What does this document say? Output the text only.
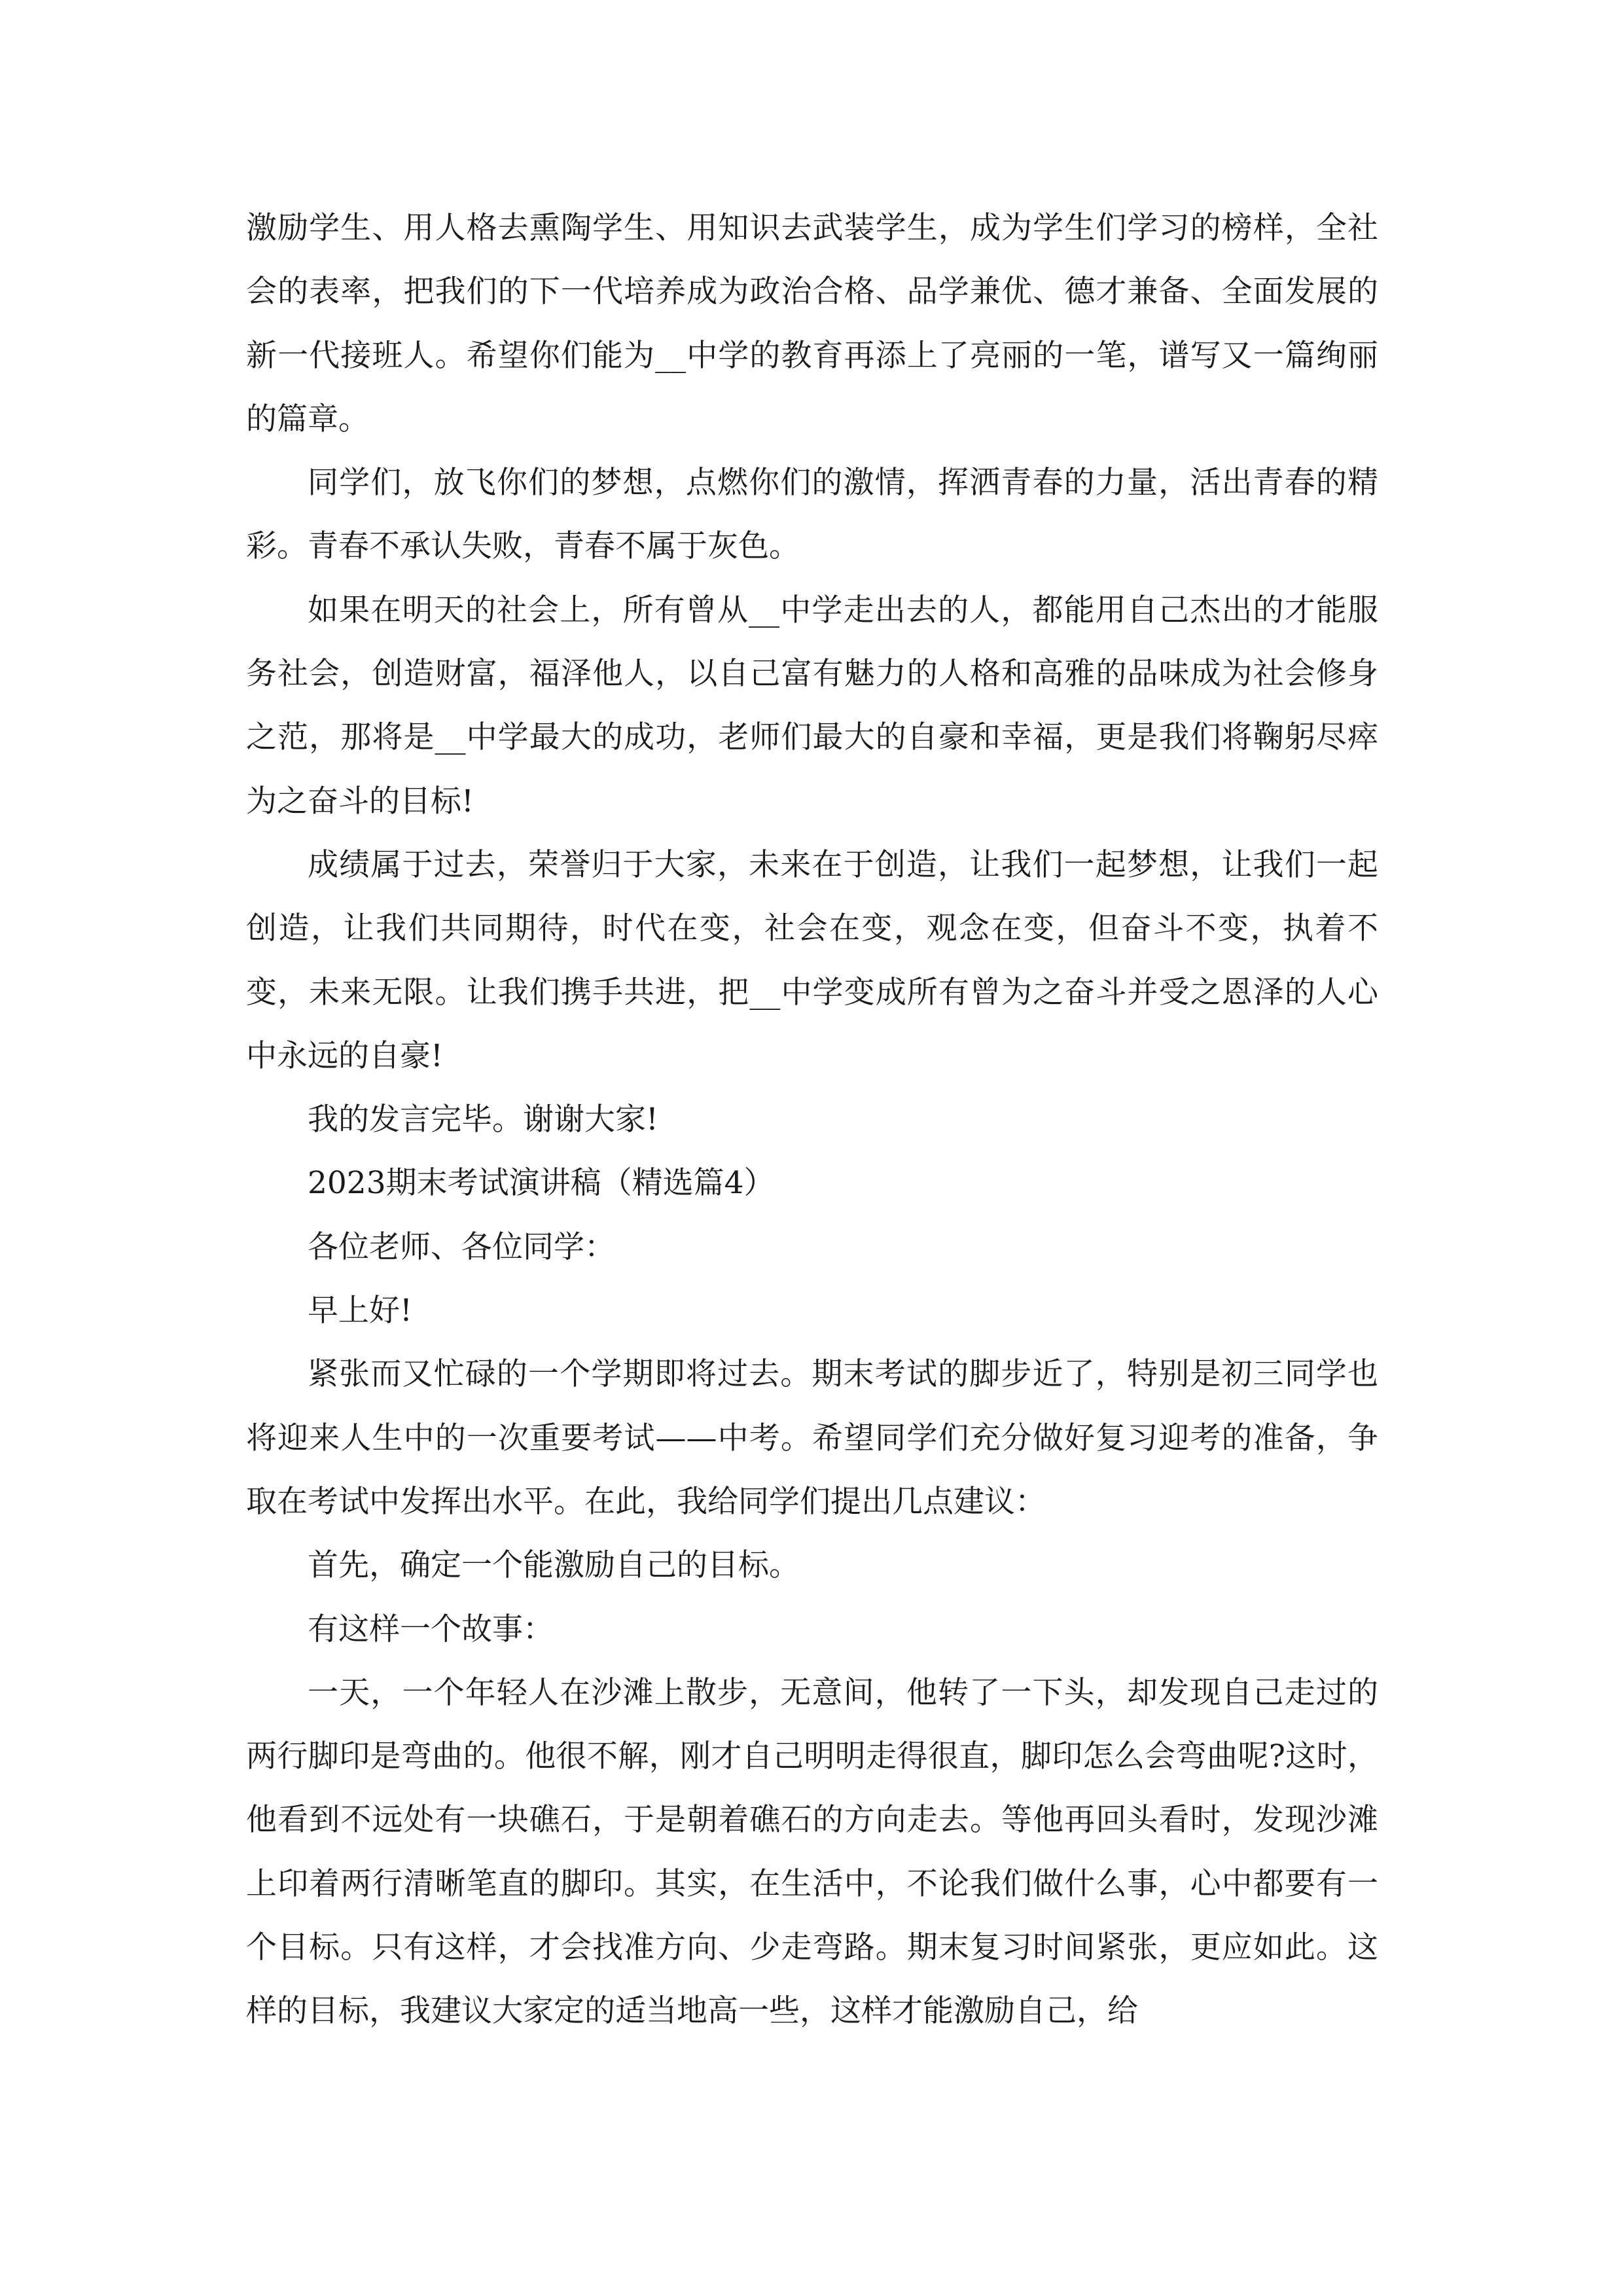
激励学生、用人格去熏陶学生、用知识去武装学生，成为学生们学习的榜样，全社会的表率，把我们的下一代培养成为政治合格、品学兼优、德才兼备、全面发展的新一代接班人。希望你们能为__中学的教育再添上了亮丽的一笔，谱写又一篇绚丽的篇章。

同学们，放飞你们的梦想，点燃你们的激情，挥洒青春的力量，活出青春的精彩。青春不承认失败，青春不属于灰色。

如果在明天的社会上，所有曾从__中学走出去的人，都能用自己杰出的才能服务社会，创造财富，福泽他人，以自己富有魅力的人格和高雅的品味成为社会修身之范，那将是__中学最大的成功，老师们最大的自豪和幸福，更是我们将鞠躬尽瘁为之奋斗的目标!

成绩属于过去，荣誉归于大家，未来在于创造，让我们一起梦想，让我们一起创造，让我们共同期待，时代在变，社会在变，观念在变，但奋斗不变，执着不变，未来无限。让我们携手共进，把__中学变成所有曾为之奋斗并受之恩泽的人心中永远的自豪!

我的发言完毕。谢谢大家!

2023期末考试演讲稿（精选篇4）

各位老师、各位同学：

早上好!

紧张而又忙碌的一个学期即将过去。期末考试的脚步近了，特别是初三同学也将迎来人生中的一次重要考试——中考。希望同学们充分做好复习迎考的准备，争取在考试中发挥出水平。在此，我给同学们提出几点建议：

首先，确定一个能激励自己的目标。

有这样一个故事：

一天，一个年轻人在沙滩上散步，无意间，他转了一下头，却发现自己走过的两行脚印是弯曲的。他很不解，刚才自己明明走得很直，脚印怎么会弯曲呢?这时，他看到不远处有一块礁石，于是朝着礁石的方向走去。等他再回头看时，发现沙滩上印着两行清晰笔直的脚印。其实，在生活中，不论我们做什么事，心中都要有一个目标。只有这样，才会找准方向、少走弯路。期末复习时间紧张，更应如此。这样的目标，我建议大家定的适当地高一些，这样才能激励自己，给
